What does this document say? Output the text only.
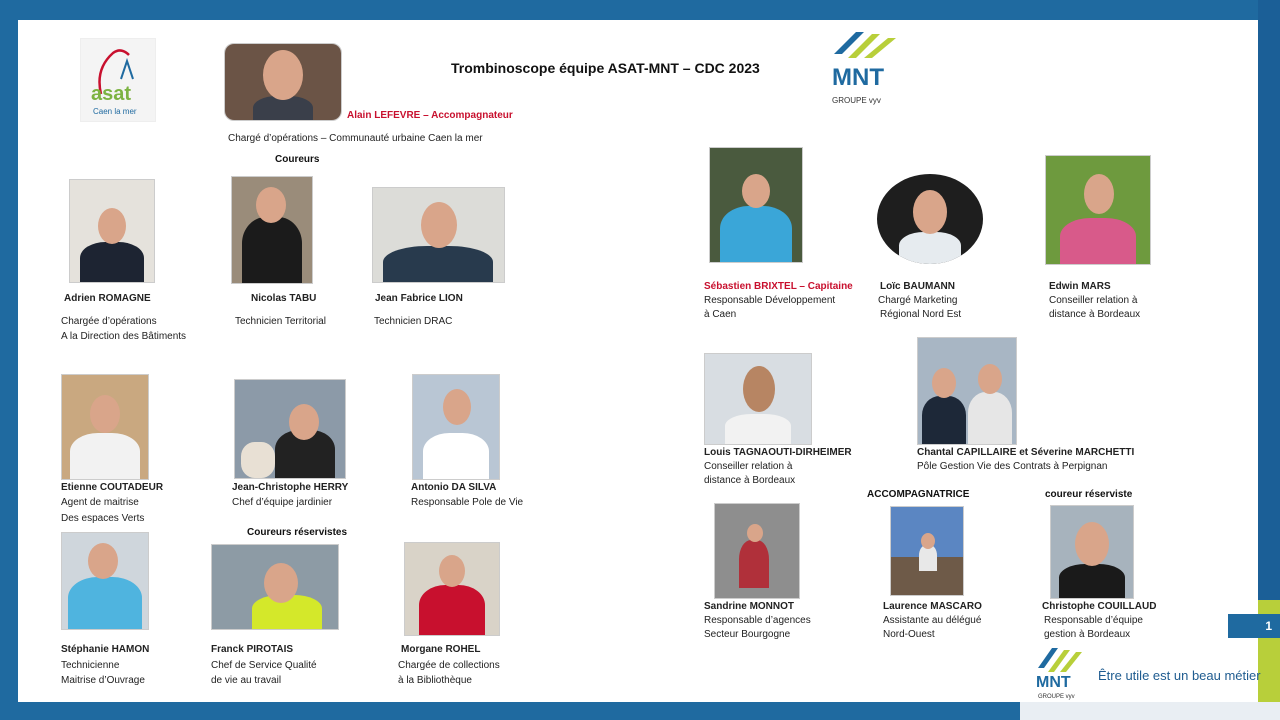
asat
Caen la mer	Alain LEFEVRE – Accompagnateur
Chargé d’opérations – Communauté urbaine Caen la mer
Trombinoscope équipe ASAT-MNT – CDC 2023	MNT
GROUPE vyv
Coureurs
Adrien ROMAGNE
Chargée d’opérations
A la Direction des Bâtiments
Nicolas TABU
Technicien Territorial
Jean Fabrice LION
Technicien DRAC
Etienne COUTADEUR
Agent de maitrise
Des espaces Verts
Jean-Christophe HERRY
Chef d’équipe jardinier
Antonio DA SILVA
Responsable Pole de Vie
Coureurs réservistes
Stéphanie HAMON
Technicienne
Maitrise d’Ouvrage
Franck PIROTAIS
Chef de Service Qualité
de vie au travail
Morgane ROHEL
Chargée de collections
à la Bibliothèque
Sébastien BRIXTEL – Capitaine
Responsable Développement
à Caen
Loïc BAUMANN
Chargé Marketing
Régional Nord Est
Edwin MARS
Conseiller relation à
distance à Bordeaux
Louis TAGNAOUTI-DIRHEIMER
Conseiller relation à
distance à Bordeaux
Chantal CAPILLAIRE et Séverine MARCHETTI
Pôle Gestion Vie des Contrats à Perpignan
ACCOMPAGNATRICE	coureur réserviste
Sandrine MONNOT
Responsable d’agences
Secteur Bourgogne
Laurence MASCARO
Assistante au délégué
Nord-Ouest
Christophe COUILLAUD
Responsable d’équipe
gestion à Bordeaux
1
MNT
GROUPE vyv
Être utile est un beau métier
